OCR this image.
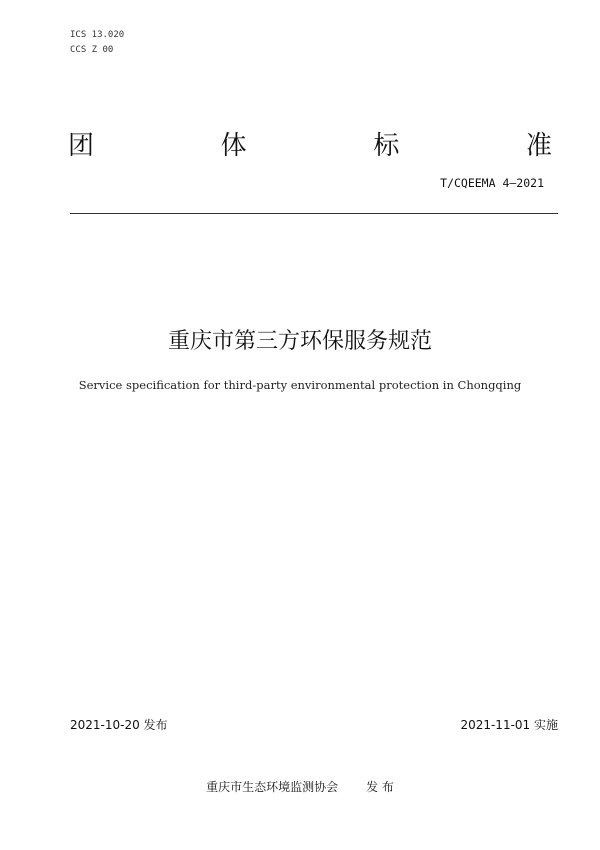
ICS 13.020
CCS Z 00
团	体	标	准
T/CQEEMA 4—2021
重庆市第三方环保服务规范
Service specification for third-party environmental protection in Chongqing
2021-10-20 发布	2021-11-01 实施
重庆市生态环境监测协会 发 布
